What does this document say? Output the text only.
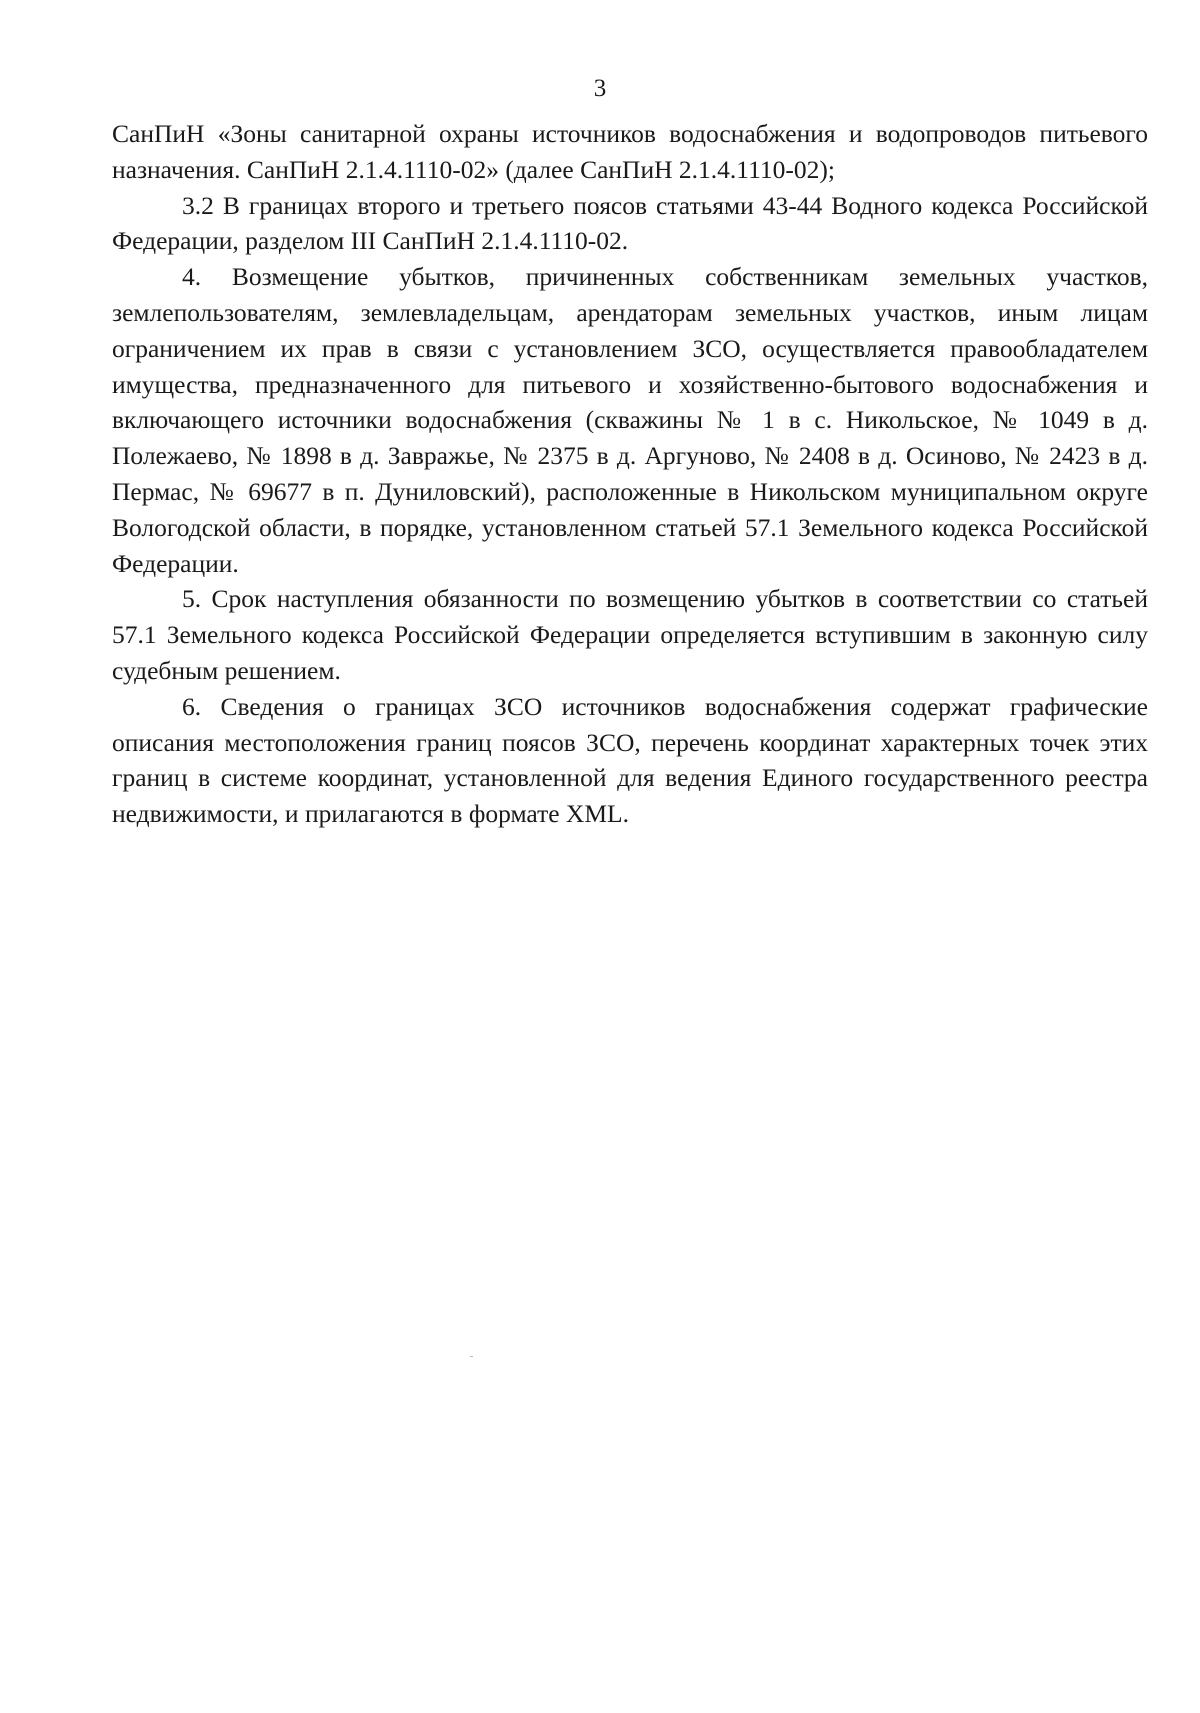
3

СанПиН «Зоны санитарной охраны источников водоснабжения и водопроводов питьевого назначения. СанПиН 2.1.4.1110-02» (далее СанПиН 2.1.4.1110-02);

3.2 В границах второго и третьего поясов статьями 43-44 Водного кодекса Российской Федерации, разделом III СанПиН 2.1.4.1110-02.

4. Возмещение убытков, причиненных собственникам земельных участков, землепользователям, землевладельцам, арендаторам земельных участков, иным лицам ограничением их прав в связи с установлением ЗСО, осуществляется правообладателем имущества, предназначенного для питьевого и хозяйственно-бытового водоснабжения и включающего источники водоснабжения (скважины № 1 в с. Никольское, № 1049 в д. Полежаево, № 1898 в д. Завражье, № 2375 в д. Аргуново, № 2408 в д. Осиново, № 2423 в д. Пермас, № 69677 в п. Дуниловский), расположенные в Никольском муниципальном округе Вологодской области, в порядке, установленном статьей 57.1 Земельного кодекса Российской Федерации.

5. Срок наступления обязанности по возмещению убытков в соответствии со статьей 57.1 Земельного кодекса Российской Федерации определяется вступившим в законную силу судебным решением.

6. Сведения о границах ЗСО источников водоснабжения содержат графические описания местоположения границ поясов ЗСО, перечень координат характерных точек этих границ в системе координат, установленной для ведения Единого государственного реестра недвижимости, и прилагаются в формате XML.
